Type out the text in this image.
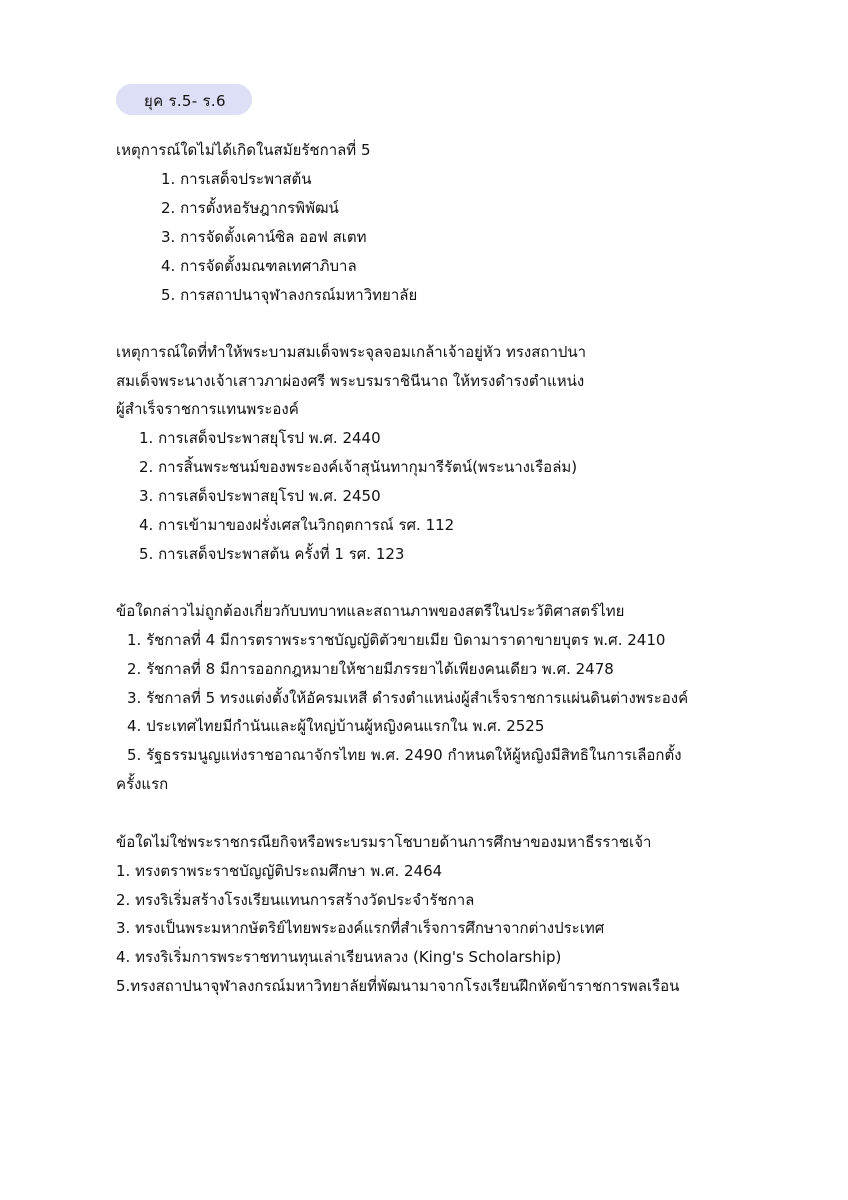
ยุค ร.5- ร.6
เหตุการณ์ใดไม่ได้เกิดในสมัยรัชกาลที่ 5
1. การเสด็จประพาสต้น
2. การตั้งหอรัษฎากรพิพัฒน์
3. การจัดตั้งเคาน์ซิล ออฟ สเตท
4. การจัดตั้งมณฑลเทศาภิบาล
5. การสถาปนาจุฬาลงกรณ์มหาวิทยาลัย
เหตุการณ์ใดที่ทำให้พระบามสมเด็จพระจุลจอมเกล้าเจ้าอยู่หัว ทรงสถาปนา
สมเด็จพระนางเจ้าเสาวภาผ่องศรี พระบรมราชินีนาถ ให้ทรงดำรงตำแหน่ง
ผู้สำเร็จราชการแทนพระองค์
1. การเสด็จประพาสยุโรป พ.ศ. 2440
2. การสิ้นพระชนม์ของพระองค์เจ้าสุนันทากุมารีรัตน์(พระนางเรือล่ม)
3. การเสด็จประพาสยุโรป พ.ศ. 2450
4. การเข้ามาของฝรั่งเศสในวิกฤตการณ์ รศ. 112
5. การเสด็จประพาสต้น ครั้งที่ 1 รศ. 123
ข้อใดกล่าวไม่ถูกต้องเกี่ยวกับบทบาทและสถานภาพของสตรีในประวัติศาสตร์ไทย
1. รัชกาลที่ 4 มีการตราพระราชบัญญัติตัวขายเมีย บิดามาราดาขายบุตร พ.ศ. 2410
2. รัชกาลที่ 8 มีการออกกฎหมายให้ชายมีภรรยาได้เพียงคนเดียว พ.ศ. 2478
3. รัชกาลที่ 5 ทรงแต่งตั้งให้อัครมเหสี ดำรงตำแหน่งผู้สำเร็จราชการแผ่นดินต่างพระองค์
4. ประเทศไทยมีกำนันและผู้ใหญ่บ้านผู้หญิงคนแรกใน พ.ศ. 2525
5. รัฐธรรมนูญแห่งราชอาณาจักรไทย พ.ศ. 2490 กำหนดให้ผู้หญิงมีสิทธิในการเลือกตั้ง
ครั้งแรก
ข้อใดไม่ใช่พระราชกรณียกิจหรือพระบรมราโชบายด้านการศึกษาของมหาธีรราชเจ้า
1. ทรงตราพระราชบัญญัติประถมศึกษา พ.ศ. 2464
2. ทรงริเริ่มสร้างโรงเรียนแทนการสร้างวัดประจำรัชกาล
3. ทรงเป็นพระมหากษัตริย์ไทยพระองค์แรกที่สำเร็จการศึกษาจากต่างประเทศ
4. ทรงริเริ่มการพระราชทานทุนเล่าเรียนหลวง (King's Scholarship)
5.ทรงสถาปนาจุฬาลงกรณ์มหาวิทยาลัยที่พัฒนามาจากโรงเรียนฝึกหัดข้าราชการพลเรือน
